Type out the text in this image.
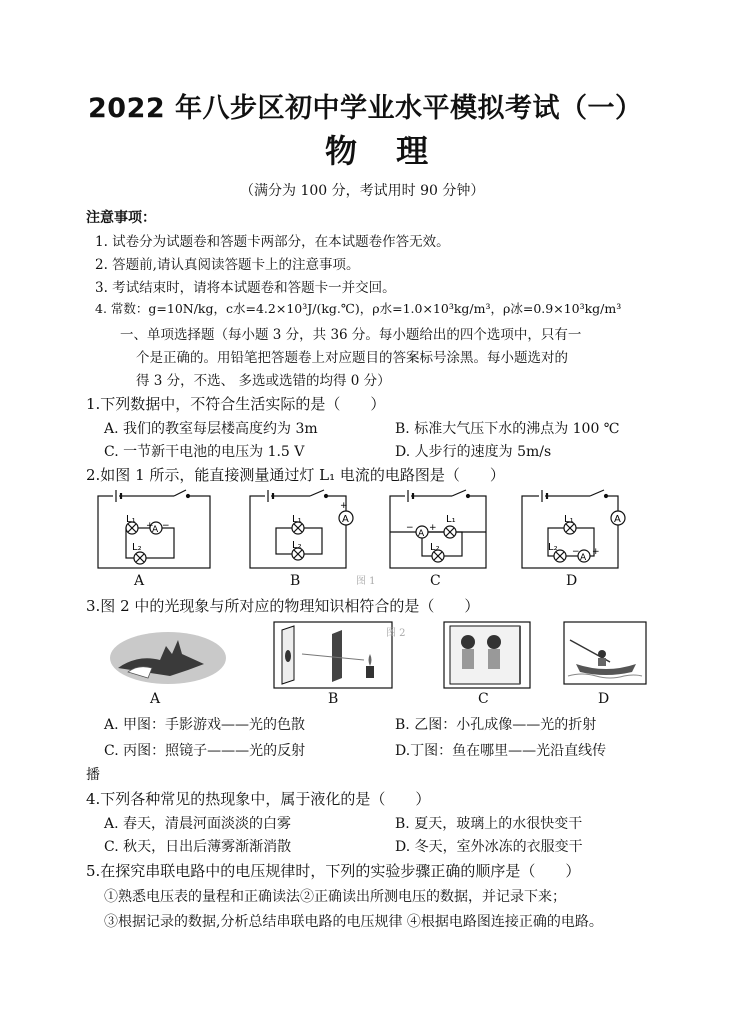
2022 年八步区初中学业水平模拟考试（一）
物 理
（满分为 100 分，考试用时 90 分钟）
注意事项：
1. 试卷分为试题卷和答题卡两部分，在本试题卷作答无效。
2. 答题前,请认真阅读答题卡上的注意事项。
3. 考试结束时，请将本试题卷和答题卡一并交回。
4. 常数：g=10N/kg，c水=4.2×10³J/(kg.℃)，ρ水=1.0×10³kg/m³，ρ冰=0.9×10³kg/m³
一、单项选择题（每小题 3 分，共 36 分。每小题给出的四个选项中，只有一
个是正确的。用铅笔把答题卷上对应题目的答案标号涂黑。每小题选对的
得 3 分，不选、 多选或选错的均得 0 分）
1.下列数据中，不符合生活实际的是（　　）
A. 我们的教室每层楼高度约为 3m	B. 标准大气压下水的沸点为 100 ℃
C. 一节新干电池的电压为 1.5 V	D. 人步行的速度为 5m/s
2.如图 1 所示，能直接测量通过灯 L₁ 电流的电路图是（　　）
L₁
A
+ −
L₂
A
L₁
L₂
A
+
B	图 1
L₁
A
− +
L₂
C
L₁
L₂
A
A
− +
D
3.图 2 中的光现象与所对应的物理知识相符合的是（　　）
A	B
图 2
C	D
A. 甲图：手影游戏——光的色散	B. 乙图：小孔成像——光的折射
C. 丙图：照镜子———光的反射	D.丁图：鱼在哪里——光沿直线传
播
4.下列各种常见的热现象中，属于液化的是（　　）
A. 春天，清晨河面淡淡的白雾	B. 夏天，玻璃上的水很快变干
C. 秋天，日出后薄雾渐渐消散	D. 冬天，室外冰冻的衣服变干
5.在探究串联电路中的电压规律时，下列的实验步骤正确的顺序是（　　）
①熟悉电压表的量程和正确读法②正确读出所测电压的数据，并记录下来；
③根据记录的数据,分析总结串联电路的电压规律 ④根据电路图连接正确的电路。
